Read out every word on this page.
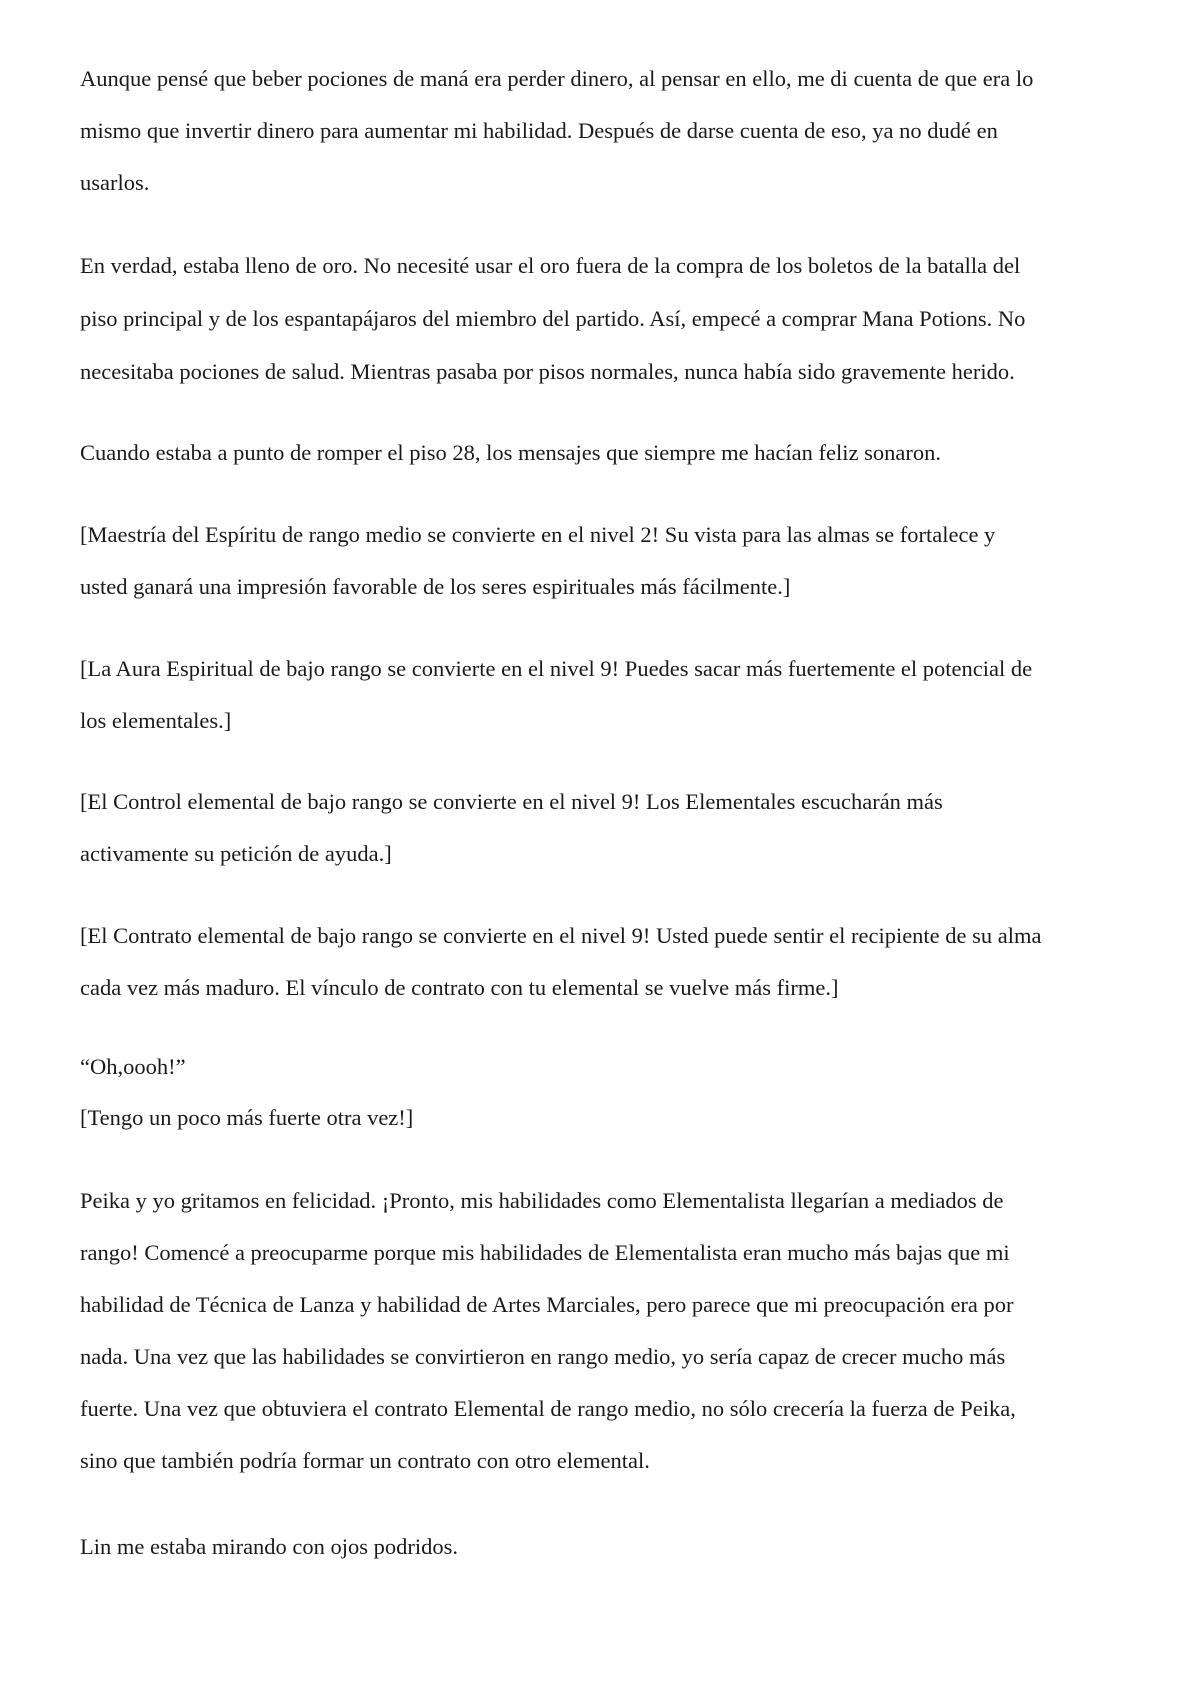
Aunque pensé que beber pociones de maná era perder dinero, al pensar en ello, me di cuenta de que era lo
mismo que invertir dinero para aumentar mi habilidad. Después de darse cuenta de eso, ya no dudé en
usarlos.

En verdad, estaba lleno de oro. No necesité usar el oro fuera de la compra de los boletos de la batalla del
piso principal y de los espantapájaros del miembro del partido. Así, empecé a comprar Mana Potions. No
necesitaba pociones de salud. Mientras pasaba por pisos normales, nunca había sido gravemente herido.

Cuando estaba a punto de romper el piso 28, los mensajes que siempre me hacían feliz sonaron.

[Maestría del Espíritu de rango medio se convierte en el nivel 2! Su vista para las almas se fortalece y
usted ganará una impresión favorable de los seres espirituales más fácilmente.]

[La Aura Espiritual de bajo rango se convierte en el nivel 9! Puedes sacar más fuertemente el potencial de
los elementales.]

[El Control elemental de bajo rango se convierte en el nivel 9! Los Elementales escucharán más
activamente su petición de ayuda.]

[El Contrato elemental de bajo rango se convierte en el nivel 9! Usted puede sentir el recipiente de su alma
cada vez más maduro. El vínculo de contrato con tu elemental se vuelve más firme.]

“Oh,oooh!”
[Tengo un poco más fuerte otra vez!]

Peika y yo gritamos en felicidad. ¡Pronto, mis habilidades como Elementalista llegarían a mediados de
rango! Comencé a preocuparme porque mis habilidades de Elementalista eran mucho más bajas que mi
habilidad de Técnica de Lanza y habilidad de Artes Marciales, pero parece que mi preocupación era por
nada. Una vez que las habilidades se convirtieron en rango medio, yo sería capaz de crecer mucho más
fuerte. Una vez que obtuviera el contrato Elemental de rango medio, no sólo crecería la fuerza de Peika,
sino que también podría formar un contrato con otro elemental.

Lin me estaba mirando con ojos podridos.
